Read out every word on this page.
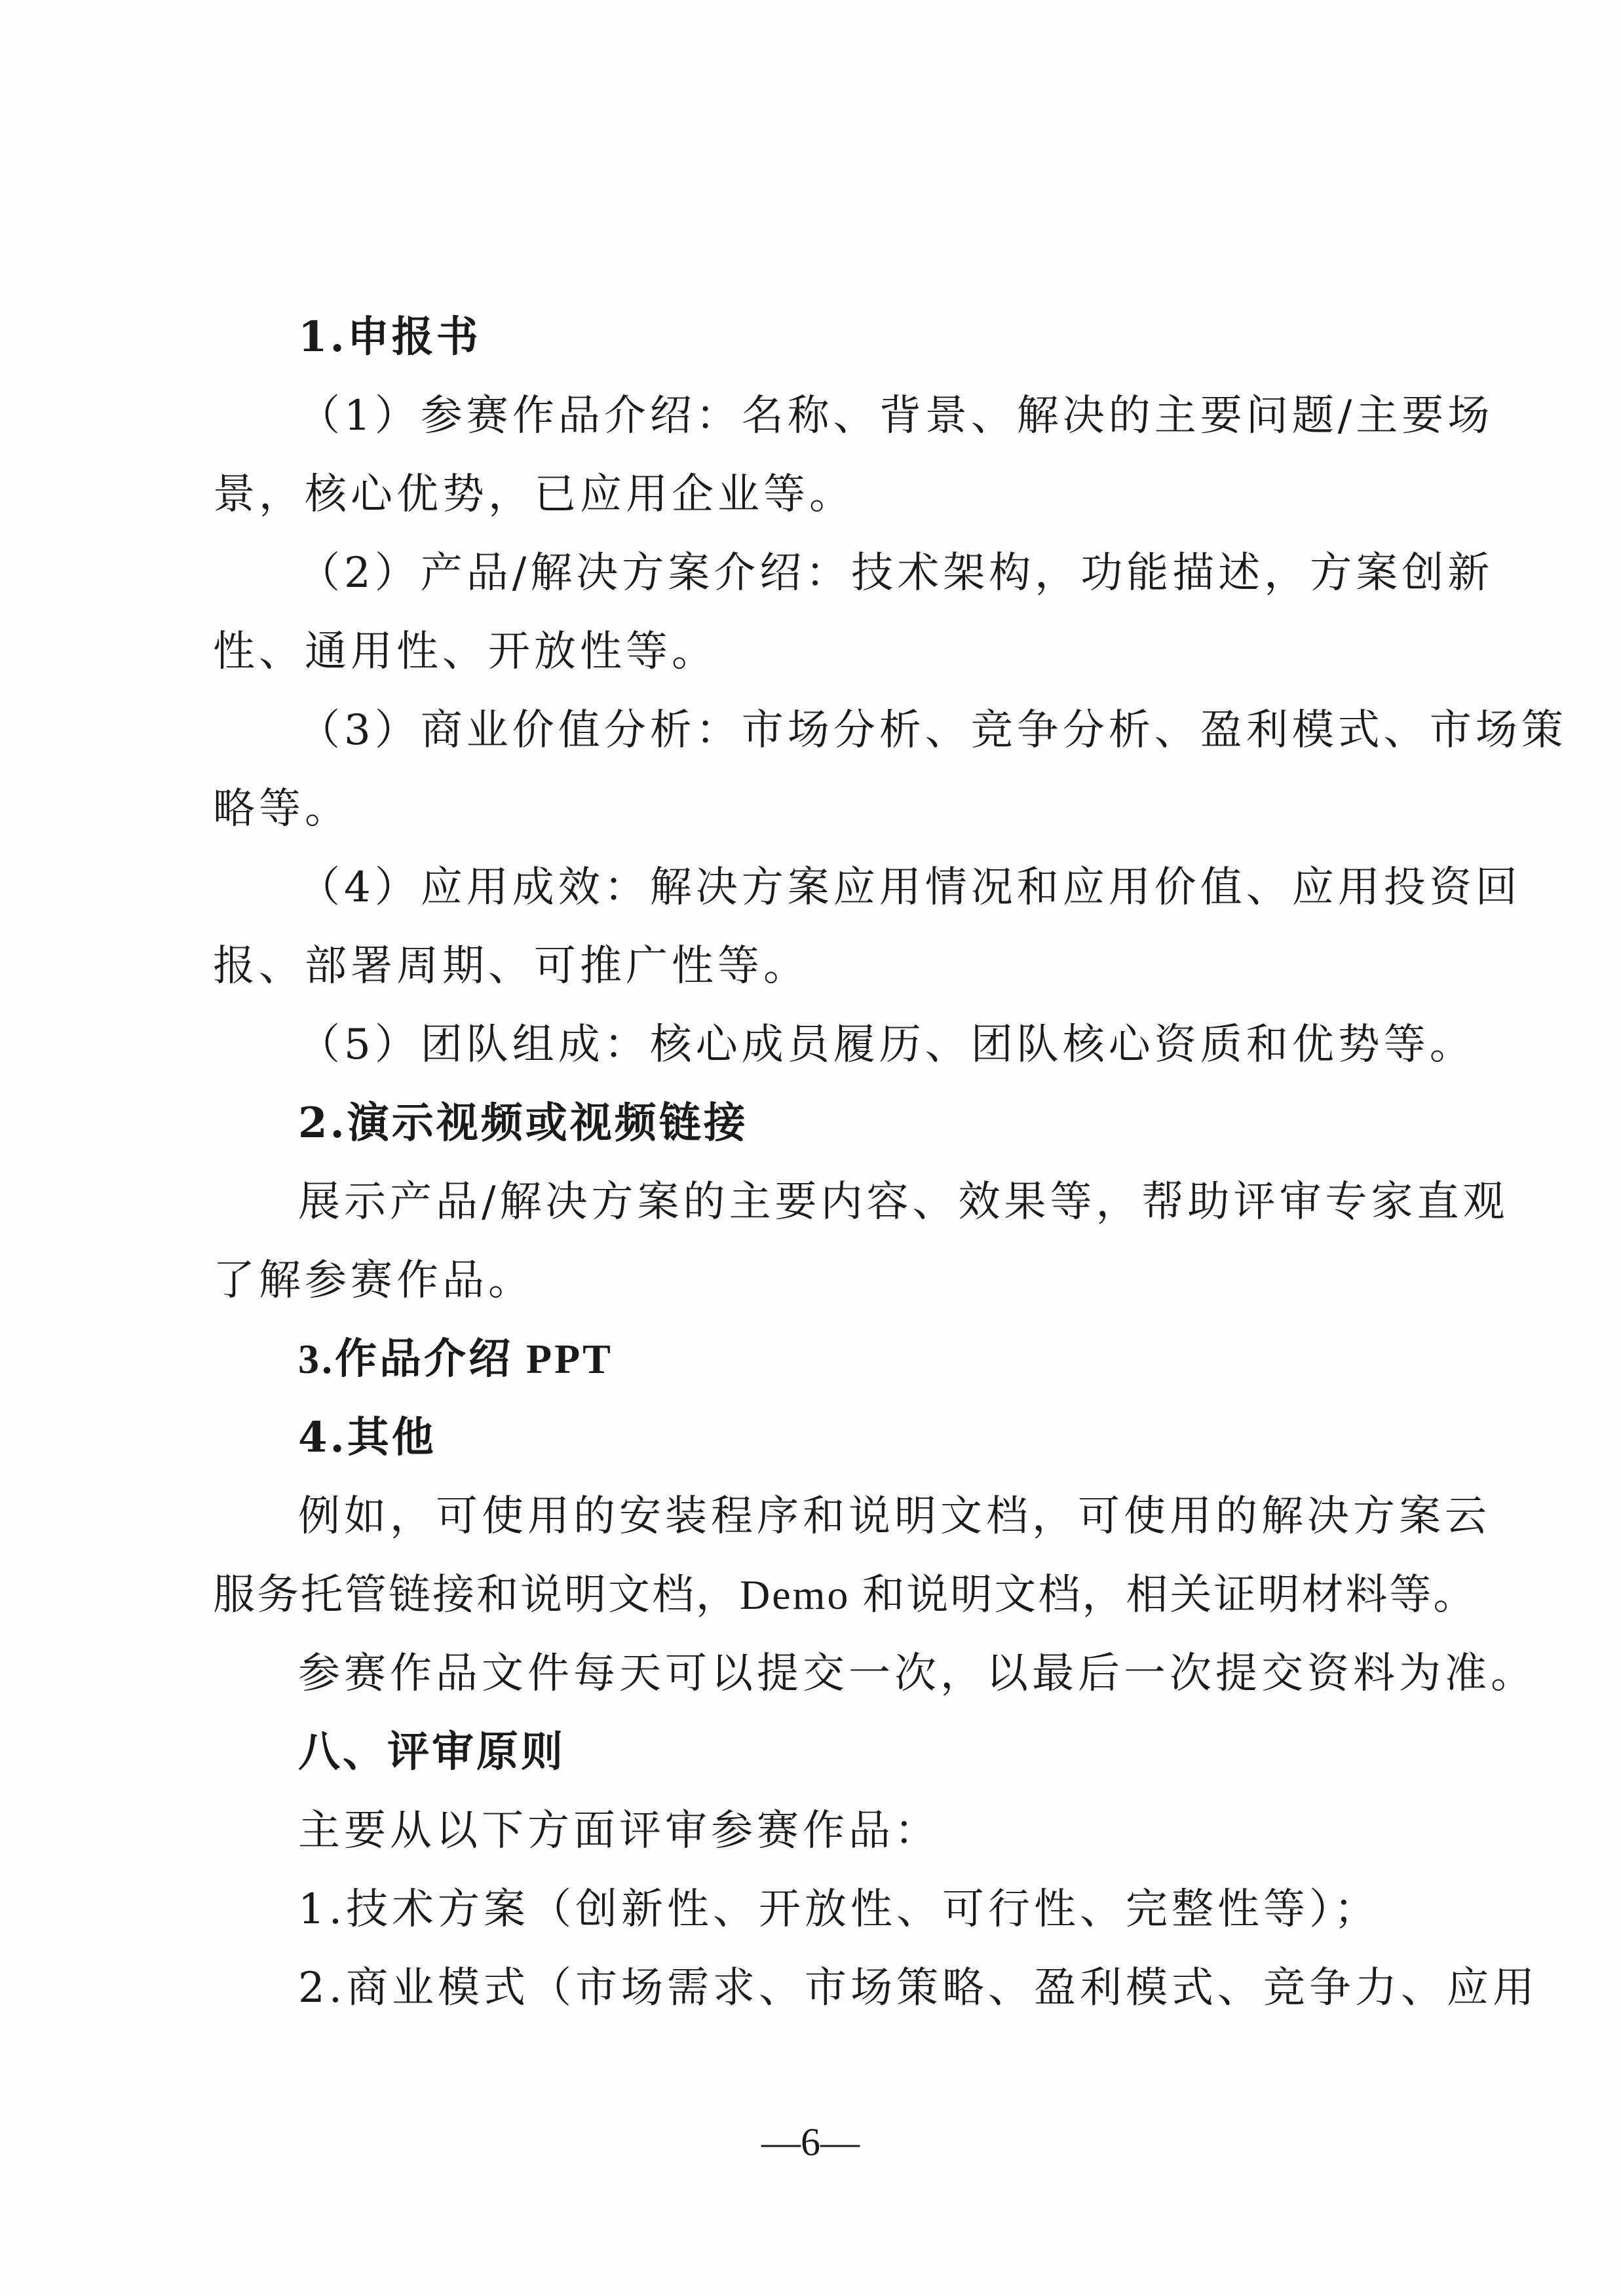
1.申报书
（1）参赛作品介绍：名称、背景、解决的主要问题/主要场
景，核心优势，已应用企业等。
（2）产品/解决方案介绍：技术架构，功能描述，方案创新
性、通用性、开放性等。
（3）商业价值分析：市场分析、竞争分析、盈利模式、市场策
略等。
（4）应用成效：解决方案应用情况和应用价值、应用投资回
报、部署周期、可推广性等。
（5）团队组成：核心成员履历、团队核心资质和优势等。
2.演示视频或视频链接
展示产品/解决方案的主要内容、效果等，帮助评审专家直观
了解参赛作品。
3.作品介绍 PPT
4.其他
例如，可使用的安装程序和说明文档，可使用的解决方案云
服务托管链接和说明文档，Demo 和说明文档，相关证明材料等。
参赛作品文件每天可以提交一次，以最后一次提交资料为准。
八、评审原则
主要从以下方面评审参赛作品：
1.技术方案（创新性、开放性、可行性、完整性等）；
2.商业模式（市场需求、市场策略、盈利模式、竞争力、应用
—6—
